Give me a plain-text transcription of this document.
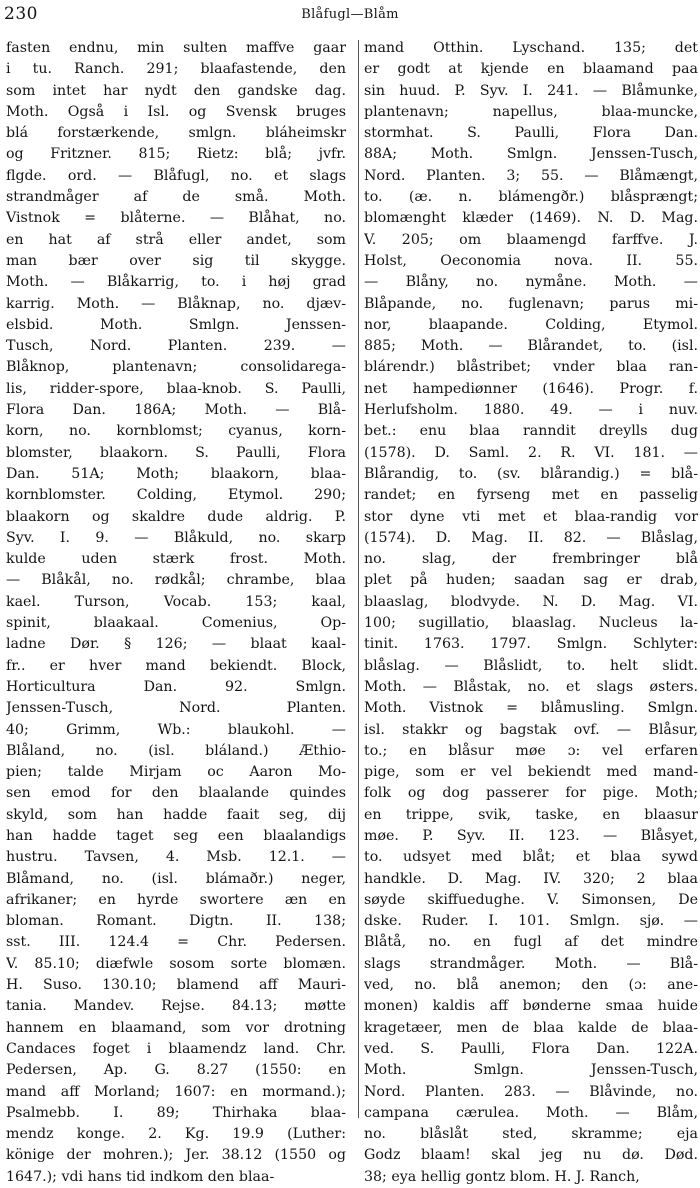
230	Blåfugl—Blåm
fasten endnu, min sulten maffve gaar
i tu. Ranch. 291; blaafastende, den
som intet har nydt den gandske dag.
Moth. Også i Isl. og Svensk bruges
blá forstærkende, smlgn. bláheimskr
og Fritzner. 815; Rietz: blå; jvfr.
flgde. ord. — Blåfugl, no. et slags
strandmåger af de små. Moth.
Vistnok = blåterne. — Blåhat, no.
en hat af strå eller andet, som
man bær over sig til skygge.
Moth. — Blåkarrig, to. i høj grad
karrig. Moth. — Blåknap, no. djæv-
elsbid. Moth. Smlgn. Jenssen-
Tusch, Nord. Planten. 239. —
Blåknop, plantenavn; consolidarega-
lis, ridder-spore, blaa-knob. S. Paulli,
Flora Dan. 186A; Moth. — Blå-
korn, no. kornblomst; cyanus, korn-
blomster, blaakorn. S. Paulli, Flora
Dan. 51A; Moth; blaakorn, blaa-
kornblomster. Colding, Etymol. 290;
blaakorn og skaldre dude aldrig. P.
Syv. I. 9. — Blåkuld, no. skarp
kulde uden stærk frost. Moth.
— Blåkål, no. rødkål; chrambe, blaa
kael. Turson, Vocab. 153; kaal,
spinit, blaakaal. Comenius, Op-
ladne Dør. § 126; — blaat kaal-
fr.. er hver mand bekiendt. Block,
Horticultura Dan. 92. Smlgn.
Jenssen-Tusch, Nord. Planten.
40; Grimm, Wb.: blaukohl. —
Blåland, no. (isl. bláland.) Æthio-
pien; talde Mirjam oc Aaron Mo-
sen emod for den blaalande quindes
skyld, som han hadde faait seg, dij
han hadde taget seg een blaalandigs
hustru. Tavsen, 4. Msb. 12.1. —
Blåmand, no. (isl. blámaðr.) neger,
afrikaner; en hyrde swortere æn en
bloman. Romant. Digtn. II. 138;
sst. III. 124.4 = Chr. Pedersen.
V. 85.10; diæfwle sosom sorte blomæn.
H. Suso. 130.10; blamend aff Mauri-
tania. Mandev. Rejse. 84.13; møtte
hannem en blaamand, som vor drotning
Candaces foget i blaamendz land. Chr.
Pedersen, Ap. G. 8.27 (1550: en
mand aff Morland; 1607: en mormand.);
Psalmebb. I. 89; Thirhaka blaa-
mendz konge. 2. Kg. 19.9 (Luther:
könige der mohren.); Jer. 38.12 (1550 og
1647.); vdi hans tid indkom den blaa-
mand Otthin. Lyschand. 135; det
er godt at kjende en blaamand paa
sin huud. P. Syv. I. 241. — Blåmunke,
plantenavn; napellus, blaa-muncke,
stormhat. S. Paulli, Flora Dan.
88A; Moth. Smlgn. Jenssen-Tusch,
Nord. Planten. 3; 55. — Blåmængt,
to. (æ. n. blámengðr.) blåsprængt;
blomænght klæder (1469). N. D. Mag.
V. 205; om blaamengd farffve. J.
Holst, Oeconomia nova. II. 55.
— Blåny, no. nymåne. Moth. —
Blåpande, no. fuglenavn; parus mi-
nor, blaapande. Colding, Etymol.
885; Moth. — Blårandet, to. (isl.
blárendr.) blåstribet; vnder blaa ran-
net hampediønner (1646). Progr. f.
Herlufsholm. 1880. 49. — i nuv.
bet.: enu blaa ranndit dreylls dug
(1578). D. Saml. 2. R. VI. 181. —
Blårandig, to. (sv. blårandig.) = blå-
randet; en fyrseng met en passelig
stor dyne vti met et blaa-randig vor
(1574). D. Mag. II. 82. — Blåslag,
no. slag, der frembringer blå
plet på huden; saadan sag er drab,
blaaslag, blodvyde. N. D. Mag. VI.
100; sugillatio, blaaslag. Nucleus la-
tinit. 1763. 1797. Smlgn. Schlyter:
blåslag. — Blåslidt, to. helt slidt.
Moth. — Blåstak, no. et slags østers.
Moth. Vistnok = blåmusling. Smlgn.
isl. stakkr og bagstak ovf. — Blåsur,
to.; en blåsur møe ɔ: vel erfaren
pige, som er vel bekiendt med mand-
folk og dog passerer for pige. Moth;
en trippe, svik, taske, en blaasur
møe. P. Syv. II. 123. — Blåsyet,
to. udsyet med blåt; et blaa sywd
handkle. D. Mag. IV. 320; 2 blaa
søyde skiffuedughe. V. Simonsen, De
dske. Ruder. I. 101. Smlgn. sjø. —
Blåtå, no. en fugl af det mindre
slags strandmåger. Moth. — Blå-
ved, no. blå anemon; den (ɔ: ane-
monen) kaldis aff bønderne smaa huide
kragetæer, men de blaa kalde de blaa-
ved. S. Paulli, Flora Dan. 122A.
Moth. Smlgn. Jenssen-Tusch,
Nord. Planten. 283. — Blåvinde, no.
campana cærulea. Moth. — Blåm,
no. blåslåt sted, skramme; eja
Godz blaam! skal jeg nu dø. Død.
38; eya hellig gontz blom. H. J. Ranch,
